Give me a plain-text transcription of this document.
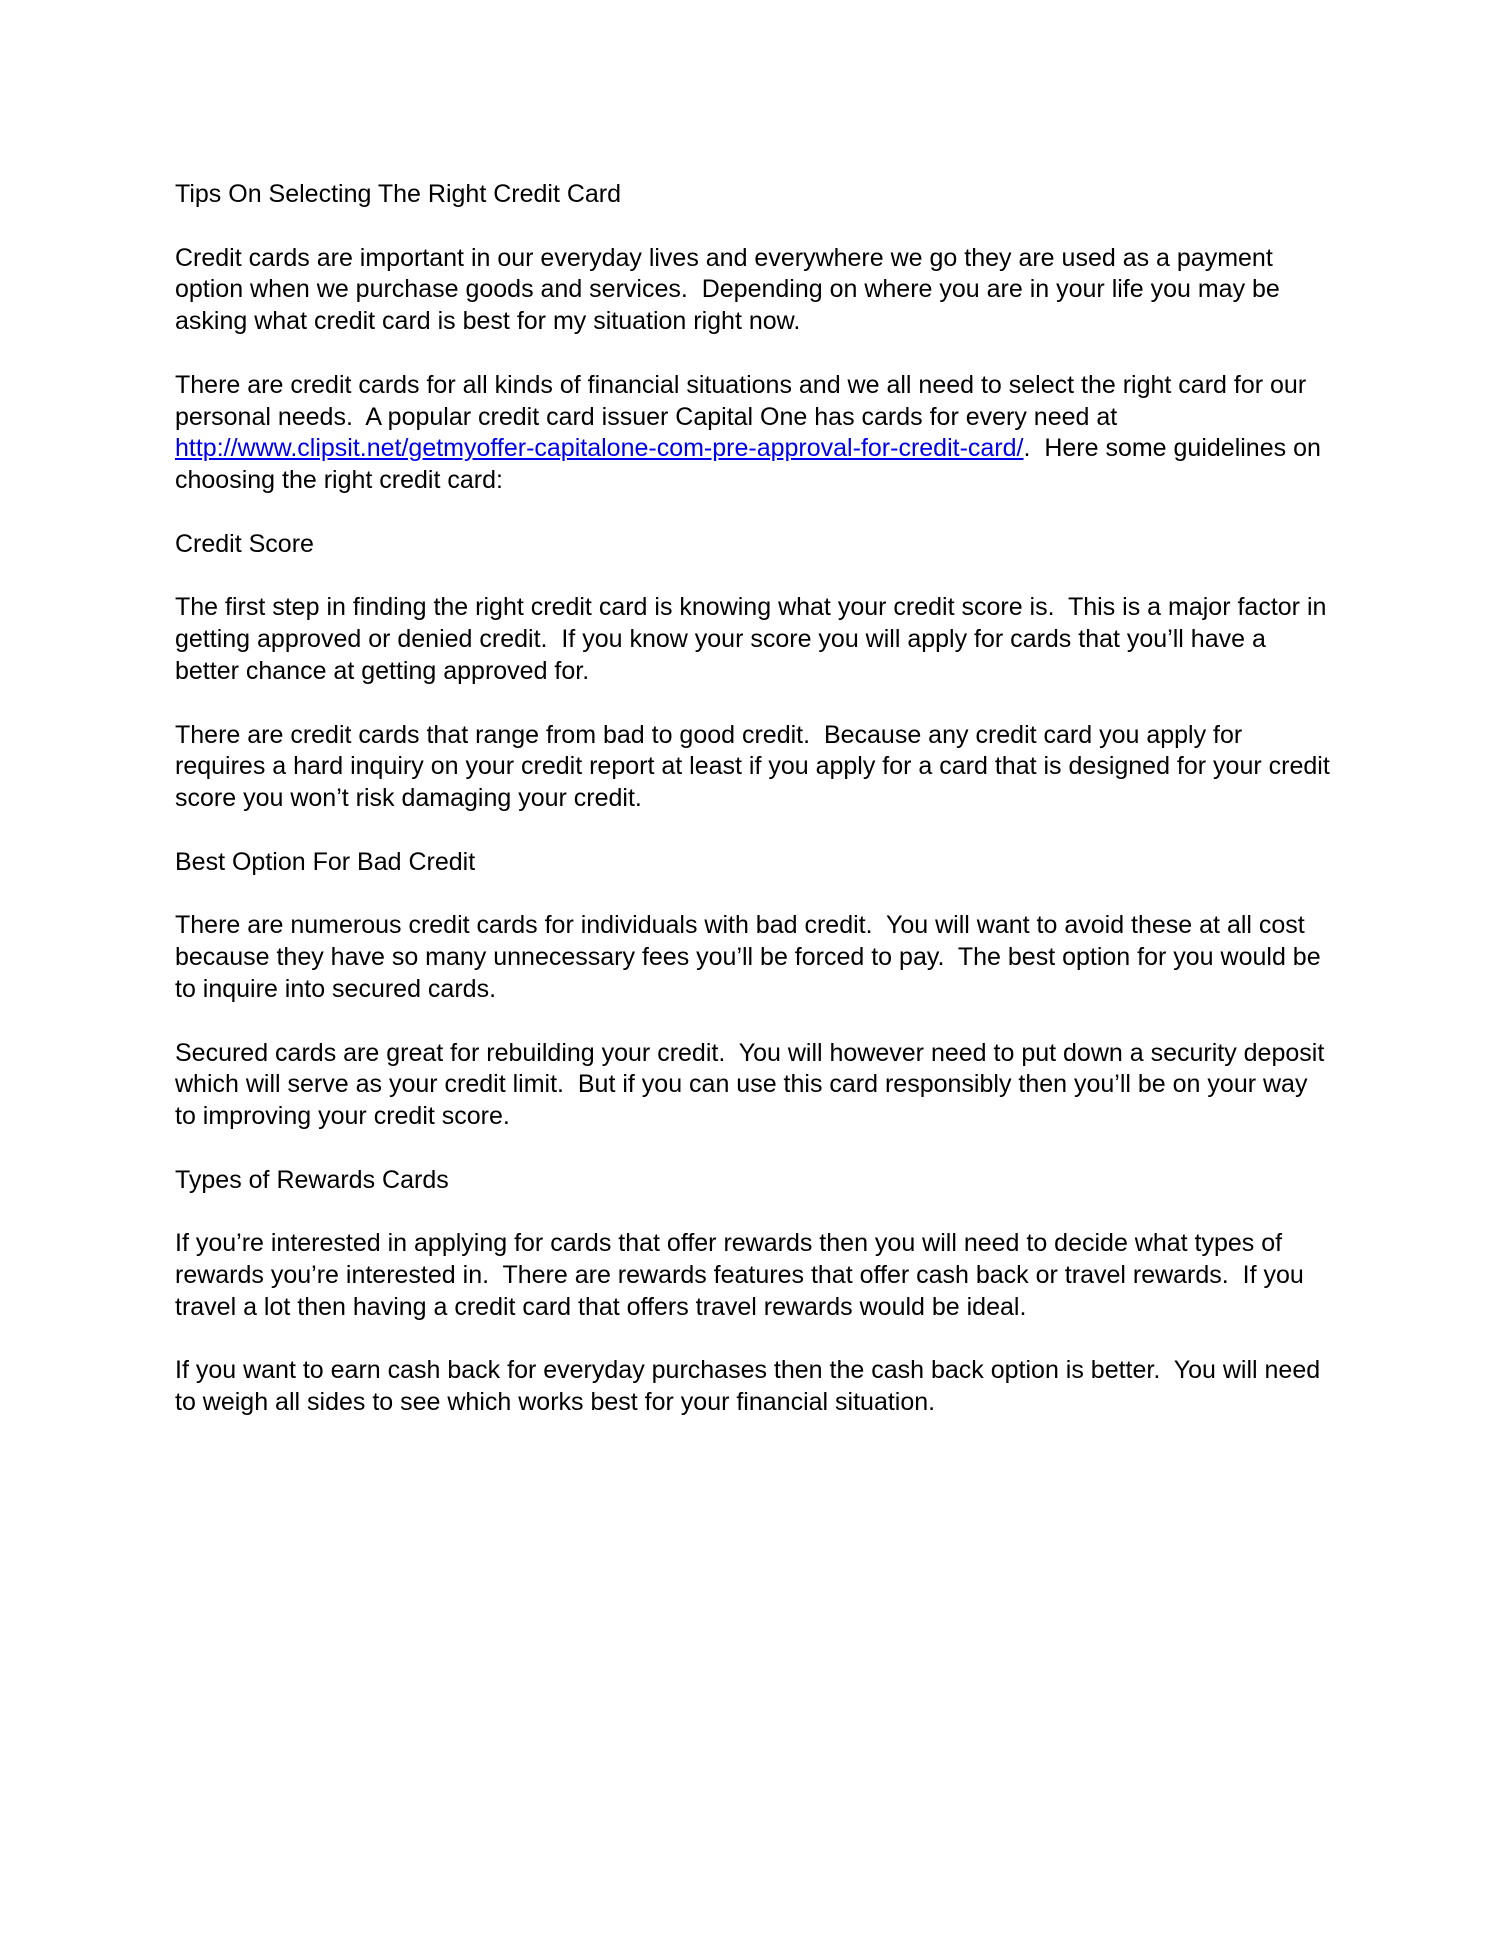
Tips On Selecting The Right Credit Card

Credit cards are important in our everyday lives and everywhere we go they are used as a payment option when we purchase goods and services.  Depending on where you are in your life you may be asking what credit card is best for my situation right now.

There are credit cards for all kinds of financial situations and we all need to select the right card for our personal needs.  A popular credit card issuer Capital One has cards for every need at http://www.clipsit.net/getmyoffer-capitalone-com-pre-approval-for-credit-card/.  Here some guidelines on choosing the right credit card:

Credit Score

The first step in finding the right credit card is knowing what your credit score is.  This is a major factor in getting approved or denied credit.  If you know your score you will apply for cards that you’ll have a better chance at getting approved for.

There are credit cards that range from bad to good credit.  Because any credit card you apply for requires a hard inquiry on your credit report at least if you apply for a card that is designed for your credit score you won’t risk damaging your credit.

Best Option For Bad Credit

There are numerous credit cards for individuals with bad credit.  You will want to avoid these at all cost because they have so many unnecessary fees you’ll be forced to pay.  The best option for you would be to inquire into secured cards.

Secured cards are great for rebuilding your credit.  You will however need to put down a security deposit which will serve as your credit limit.  But if you can use this card responsibly then you’ll be on your way to improving your credit score.

Types of Rewards Cards

If you’re interested in applying for cards that offer rewards then you will need to decide what types of rewards you’re interested in.  There are rewards features that offer cash back or travel rewards.  If you travel a lot then having a credit card that offers travel rewards would be ideal.

If you want to earn cash back for everyday purchases then the cash back option is better.  You will need to weigh all sides to see which works best for your financial situation.
